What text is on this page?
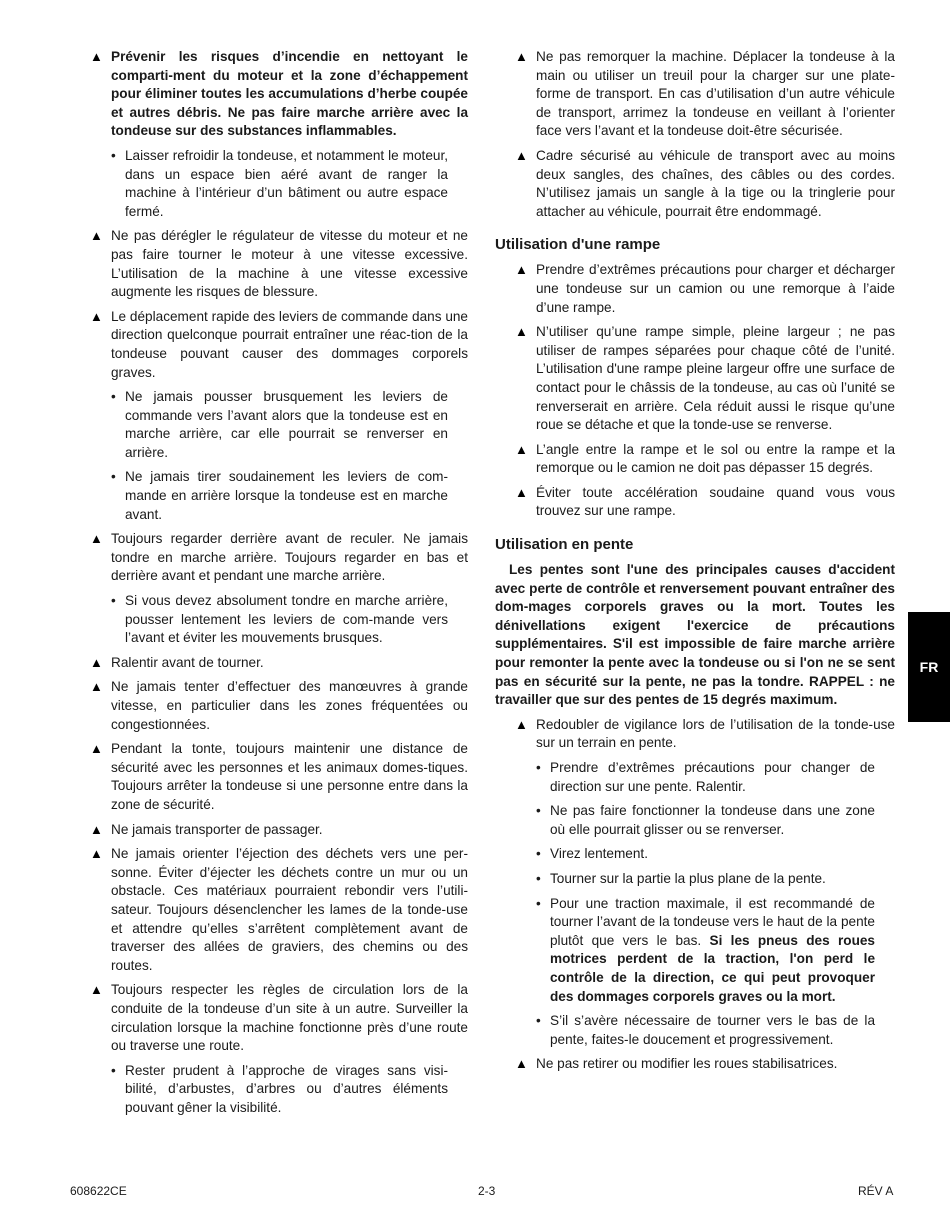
▲ Prévenir les risques d’incendie en nettoyant le comparti-ment du moteur et la zone d’échappement pour éliminer toutes les accumulations d’herbe coupée et autres débris. Ne pas faire marche arrière avec la tondeuse sur des substances inflammables.
• Laisser refroidir la tondeuse, et notamment le moteur, dans un espace bien aéré avant de ranger la machine à l’intérieur d’un bâtiment ou autre espace fermé.
▲ Ne pas dérégler le régulateur de vitesse du moteur et ne pas faire tourner le moteur à une vitesse excessive. L’utilisation de la machine à une vitesse excessive augmente les risques de blessure.
▲ Le déplacement rapide des leviers de commande dans une direction quelconque pourrait entraîner une réac-tion de la tondeuse pouvant causer des dommages corporels graves.
• Ne jamais pousser brusquement les leviers de commande vers l’avant alors que la tondeuse est en marche arrière, car elle pourrait se renverser en arrière.
• Ne jamais tirer soudainement les leviers de com-mande en arrière lorsque la tondeuse est en marche avant.
▲ Toujours regarder derrière avant de reculer. Ne jamais tondre en marche arrière. Toujours regarder en bas et derrière avant et pendant une marche arrière.
• Si vous devez absolument tondre en marche arrière, pousser lentement les leviers de com-mande vers l’avant et éviter les mouvements brusques.
▲ Ralentir avant de tourner.
▲ Ne jamais tenter d’effectuer des manœuvres à grande vitesse, en particulier dans les zones fréquentées ou congestionnées.
▲ Pendant la tonte, toujours maintenir une distance de sécurité avec les personnes et les animaux domes-tiques. Toujours arrêter la tondeuse si une personne entre dans la zone de sécurité.
▲ Ne jamais transporter de passager.
▲ Ne jamais orienter l’éjection des déchets vers une per-sonne. Éviter d’éjecter les déchets contre un mur ou un obstacle. Ces matériaux pourraient rebondir vers l’utili-sateur. Toujours désenclencher les lames de la tonde-use et attendre qu’elles s’arrêtent complètement avant de traverser des allées de graviers, des chemins ou des routes.
▲ Toujours respecter les règles de circulation lors de la conduite de la tondeuse d’un site à un autre. Surveiller la circulation lorsque la machine fonctionne près d’une route ou traverse une route.
• Rester prudent à l’approche de virages sans visi-bilité, d’arbustes, d’arbres ou d’autres éléments pouvant gêner la visibilité.
▲ Ne pas remorquer la machine. Déplacer la tondeuse à la main ou utiliser un treuil pour la charger sur une plate-forme de transport. En cas d’utilisation d’un autre véhicule de transport, arrimez la tondeuse en veillant à l’orienter face vers l’avant et la tondeuse doit-être sécurisée.
▲ Cadre sécurisé au véhicule de transport avec au moins deux sangles, des chaînes, des câbles ou des cordes. N’utilisez jamais un sangle à la tige ou la tringlerie pour attacher au véhicule, pourrait être endommagé.
Utilisation d'une rampe
▲ Prendre d’extrêmes précautions pour charger et décharger une tondeuse sur un camion ou une remorque à l’aide d’une rampe.
▲ N’utiliser qu’une rampe simple, pleine largeur ; ne pas utiliser de rampes séparées pour chaque côté de l’unité. L’utilisation d'une rampe pleine largeur offre une surface de contact pour le châssis de la tondeuse, au cas où l’unité se renverserait en arrière. Cela réduit aussi le risque qu’une roue se détache et que la tonde-use se renverse.
▲ L’angle entre la rampe et le sol ou entre la rampe et la remorque ou le camion ne doit pas dépasser 15 degrés.
▲ Éviter toute accélération soudaine quand vous vous trouvez sur une rampe.
Utilisation en pente
Les pentes sont l'une des principales causes d'accident avec perte de contrôle et renversement pouvant entraîner des dom-mages corporels graves ou la mort. Toutes les dénivellations exigent l'exercice de précautions supplémentaires. S'il est impossible de faire marche arrière pour remonter la pente avec la tondeuse ou si l'on ne se sent pas en sécurité sur la pente, ne pas la tondre. RAPPEL : ne travailler que sur des pentes de 15 degrés maximum.
▲ Redoubler de vigilance lors de l’utilisation de la tonde-use sur un terrain en pente.
• Prendre d’extrêmes précautions pour changer de direction sur une pente. Ralentir.
• Ne pas faire fonctionner la tondeuse dans une zone où elle pourrait glisser ou se renverser.
• Virez lentement.
• Tourner sur la partie la plus plane de la pente.
• Pour une traction maximale, il est recommandé de tourner l’avant de la tondeuse vers le haut de la pente plutôt que vers le bas. Si les pneus des roues motrices perdent de la traction, l'on perd le contrôle de la direction, ce qui peut provoquer des dommages corporels graves ou la mort.
• S’il s’avère nécessaire de tourner vers le bas de la pente, faites-le doucement et progressivement.
▲ Ne pas retirer ou modifier les roues stabilisatrices.
FR
608622CE	2-3	RÉV A
